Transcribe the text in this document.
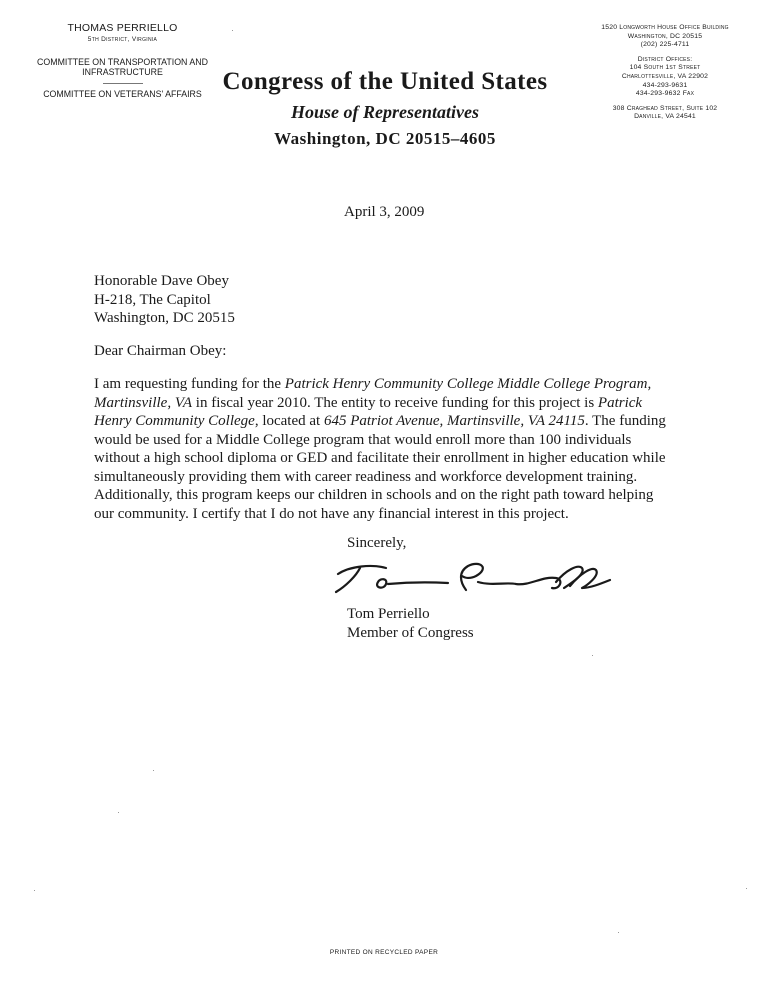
THOMAS PERRIELLO
5th District, Virginia
COMMITTEE ON TRANSPORTATION AND INFRASTRUCTURE
COMMITTEE ON VETERANS' AFFAIRS Congress of the United States
House of Representatives
Washington, DC 20515–4605
1520 Longworth House Office Building
Washington, DC 20515
(202) 225-4711
District Offices:
104 South 1st Street
Charlottesville, VA 22902
434-293-9631
434-293-9632 Fax
308 Craghead Street, Suite 102
Danville, VA 24541
April 3, 2009
Honorable Dave Obey
H-218, The Capitol
Washington, DC 20515
Dear Chairman Obey:
I am requesting funding for the Patrick Henry Community College Middle College Program, Martinsville, VA in fiscal year 2010. The entity to receive funding for this project is Patrick Henry Community College, located at 645 Patriot Avenue, Martinsville, VA 24115. The funding would be used for a Middle College program that would enroll more than 100 individuals without a high school diploma or GED and facilitate their enrollment in higher education while simultaneously providing them with career readiness and workforce development training. Additionally, this program keeps our children in schools and on the right path toward helping our community. I certify that I do not have any financial interest in this project.
Sincerely,
Tom Perriello
Member of Congress
PRINTED ON RECYCLED PAPER
